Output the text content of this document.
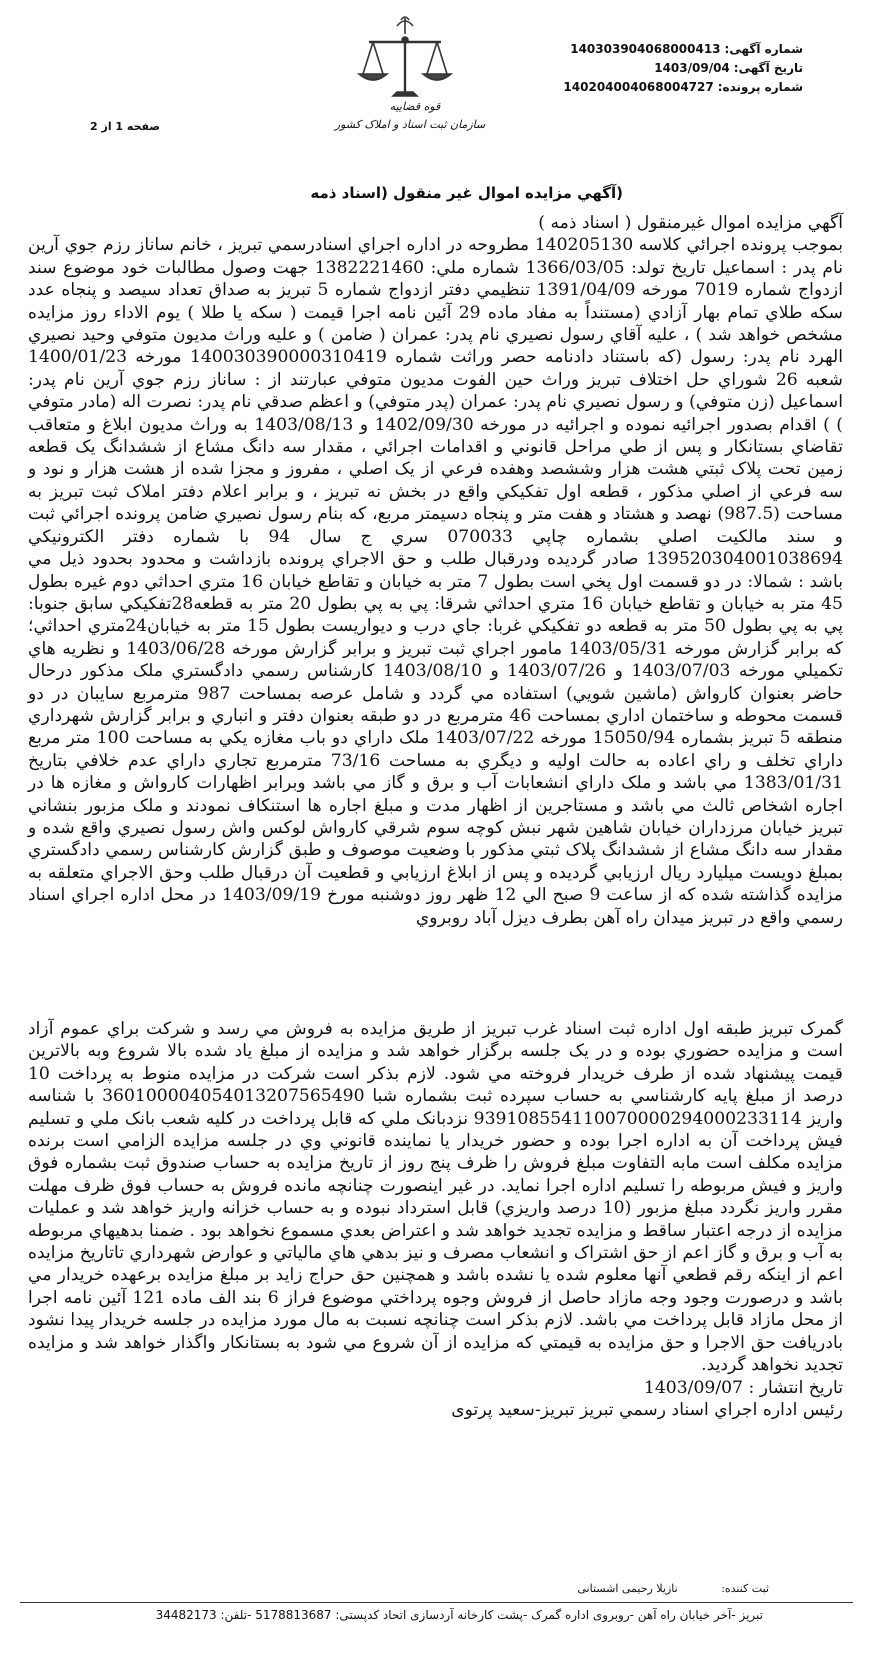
قوه قضاییه
سازمان ثبت اسناد و املاک کشور
شماره آگهی:140303904068000413
تاریخ آگهی:1403/09/04
شماره پرونده:140204004068004727
صفحه 1 از 2
(آگهي مزايده اموال غير منقول (اسناد ذمه

آگهي مزايده اموال غيرمنقول ( اسناد ذمه )

بموجب پرونده اجرائي کلاسه 140205130 مطروحه در اداره اجراي اسنادرسمي تبريز ، خانم ساناز رزم جوي آرين نام پدر : اسماعيل تاريخ تولد: 1366/03/05 شماره ملي: 1382221460 جهت وصول مطالبات خود موضوع سند ازدواج شماره 7019 مورخه 1391/04/09 تنظيمي دفتر ازدواج شماره 5 تبريز به صداق تعداد سيصد و پنجاه عدد سکه طلاي تمام بهار آزادي (مستنداً به مفاد ماده 29 آئين نامه اجرا قيمت ( سکه يا طلا ) يوم الاداء روز مزايده مشخص خواهد شد ) ، عليه آقاي رسول نصيري نام پدر: عمران ( ضامن ) و عليه وراث مديون متوفي وحيد نصيري الهرد نام پدر: رسول (که باستناد دادنامه حصر وراثت شماره 140030390000310419 مورخه 1400/01/23 شعبه 26 شوراي حل اختلاف تبريز وراث حين الفوت مديون متوفي عبارتند از : ساناز رزم جوي آرين نام پدر: اسماعيل (زن متوفي) و رسول نصيري نام پدر: عمران (پدر متوفي) و اعظم صدقي نام پدر: نصرت اله (مادر متوفي ) ) اقدام بصدور اجرائيه نموده و اجرائيه در مورخه 1402/09/30 و 1403/08/13 به وراث مديون ابلاغ و متعاقب تقاضاي بستانکار و پس از طي مراحل قانوني و اقدامات اجرائي ، مقدار سه دانگ مشاع از ششدانگ يک قطعه زمين تحت پلاک ثبتي هشت هزار وششصد وهفده فرعي از يک اصلي ، مفروز و مجزا شده از هشت هزار و نود و سه فرعي از اصلي مذکور ، قطعه اول تفکيکي واقع در بخش نه تبريز ، و برابر اعلام دفتر املاک ثبت تبريز به مساحت (987.5) نهصد و هشتاد و هفت متر و پنجاه دسيمتر مربع، که بنام رسول نصيري ضامن پرونده اجرائي ثبت و سند مالکيت اصلي بشماره چاپي 070033 سري ج سال 94 با شماره دفتر الکترونيکي 139520304001038694 صادر گرديده ودرقبال طلب و حق الاجراي پرونده بازداشت و محدود بحدود ذيل مي باشد : شمالا: در دو قسمت اول پخي است بطول 7 متر به خيابان و تقاطع خيابان 16 متري احداثي دوم غيره بطول 45 متر به خيابان و تقاطع خيابان 16 متري احداثي شرقا: پي به پي بطول 20 متر به قطعه28تفکيکي سابق جنوبا: پي به پي بطول 50 متر به قطعه دو تفکيکي غربا: جاي درب و ديواريست بطول 15 متر به خيابان24متري احداثي؛ که برابر گزارش مورخه 1403/05/31 مامور اجراي ثبت تبريز و برابر گزارش مورخه 1403/06/28 و نظريه هاي تکميلي مورخه 1403/07/03 و 1403/07/26 و 1403/08/10 کارشناس رسمي دادگستري ملک مذکور درحال حاضر بعنوان کارواش (ماشين شويي) استفاده مي گردد و شامل عرصه بمساحت 987 مترمربع سايبان در دو قسمت محوطه و ساختمان اداري بمساحت 46 مترمربع در دو طبقه بعنوان دفتر و انباري و برابر گزارش شهرداري منطقه 5 تبريز بشماره 15050/94 مورخه 1403/07/22 ملک داراي دو باب مغازه يکي به مساحت 100 متر مربع داراي تخلف و راي اعاده به حالت اوليه و ديگري به مساحت 73/16 مترمربع تجاري داراي عدم خلافي بتاريخ 1383/01/31 مي باشد و ملک داراي انشعابات آب و برق و گاز مي باشد وبرابر اظهارات کارواش و مغازه ها در اجاره اشخاص ثالث مي باشد و مستاجرين از اظهار مدت و مبلغ اجاره ها استنکاف نمودند و ملک مزبور بنشاني تبريز خيابان مرزداران خيابان شاهين شهر نبش کوچه سوم شرقي کارواش لوکس واش رسول نصيري واقع شده و مقدار سه دانگ مشاع از ششدانگ پلاک ثبتي مذکور با وضعيت موصوف و طبق گزارش کارشناس رسمي دادگستري بمبلغ دويست ميليارد ريال ارزيابي گرديده و پس از ابلاغ ارزيابي و قطعيت آن درقبال طلب وحق الاجراي متعلقه به مزايده گذاشته شده که از ساعت 9 صبح الي 12 ظهر روز دوشنبه مورخ 1403/09/19 در محل اداره اجراي اسناد رسمي واقع در تبريز ميدان راه آهن بطرف ديزل آباد روبروي

گمرک تبريز طبقه اول اداره ثبت اسناد غرب تبريز از طريق مزايده به فروش مي رسد و شرکت براي عموم آزاد است و مزايده حضوري بوده و در يک جلسه برگزار خواهد شد و مزايده از مبلغ ياد شده بالا شروع وبه بالاترين قيمت پيشنهاد شده از طرف خريدار فروخته مي شود. لازم بذکر است شرکت در مزايده منوط به پرداخت 10 درصد از مبلغ پايه کارشناسي به حساب سپرده ثبت بشماره شبا 360100004054013207565490 با شناسه واريز 939108554110070000294000233114 نزدبانک ملي که قابل پرداخت در کليه شعب بانک ملي و تسليم فيش پرداخت آن به اداره اجرا بوده و حضور خريدار يا نماينده قانوني وي در جلسه مزايده الزامي است برنده مزايده مکلف است مابه التفاوت مبلغ فروش را ظرف پنج روز از تاريخ مزايده به حساب صندوق ثبت بشماره فوق واريز و فيش مربوطه را تسليم اداره اجرا نمايد. در غير اينصورت چنانچه مانده فروش به حساب فوق ظرف مهلت مقرر واريز نگردد مبلغ مزبور (10 درصد واريزي) قابل استرداد نبوده و به حساب خزانه واريز خواهد شد و عمليات مزايده از درجه اعتبار ساقط و مزايده تجديد خواهد شد و اعتراض بعدي مسموع نخواهد بود . ضمنا بدهيهاي مربوطه به آب و برق و گاز اعم از حق اشتراک و انشعاب مصرف و نيز بدهي هاي مالياتي و عوارض شهرداري تاتاريخ مزايده اعم از اينکه رقم قطعي آنها معلوم شده يا نشده باشد و همچنين حق حراج زايد بر مبلغ مزايده برعهده خريدار مي باشد و درصورت وجود وجه مازاد حاصل از فروش وجوه پرداختي موضوع فراز 6 بند الف ماده 121 آئين نامه اجرا از محل مازاد قابل پرداخت مي باشد. لازم بذکر است چنانچه نسبت به مال مورد مزايده در جلسه خريدار پيدا نشود بادريافت حق الاجرا و حق مزايده به قيمتي که مزايده از آن شروع مي شود به بستانکار واگذار خواهد شد و مزايده تجديد نخواهد گرديد.

تاريخ انتشار : 1403/09/07

رئيس اداره اجراي اسناد رسمي تبريز تبريز-سعيد پرتوی

ثبت کننده: نازیلا رحیمی اشستانی
تبریز -آخر خیابان راه آهن -روبروی اداره گمرک -پشت کارخانه آردسازی اتحاد کدپستی: 5178813687 -تلفن: 34482173
